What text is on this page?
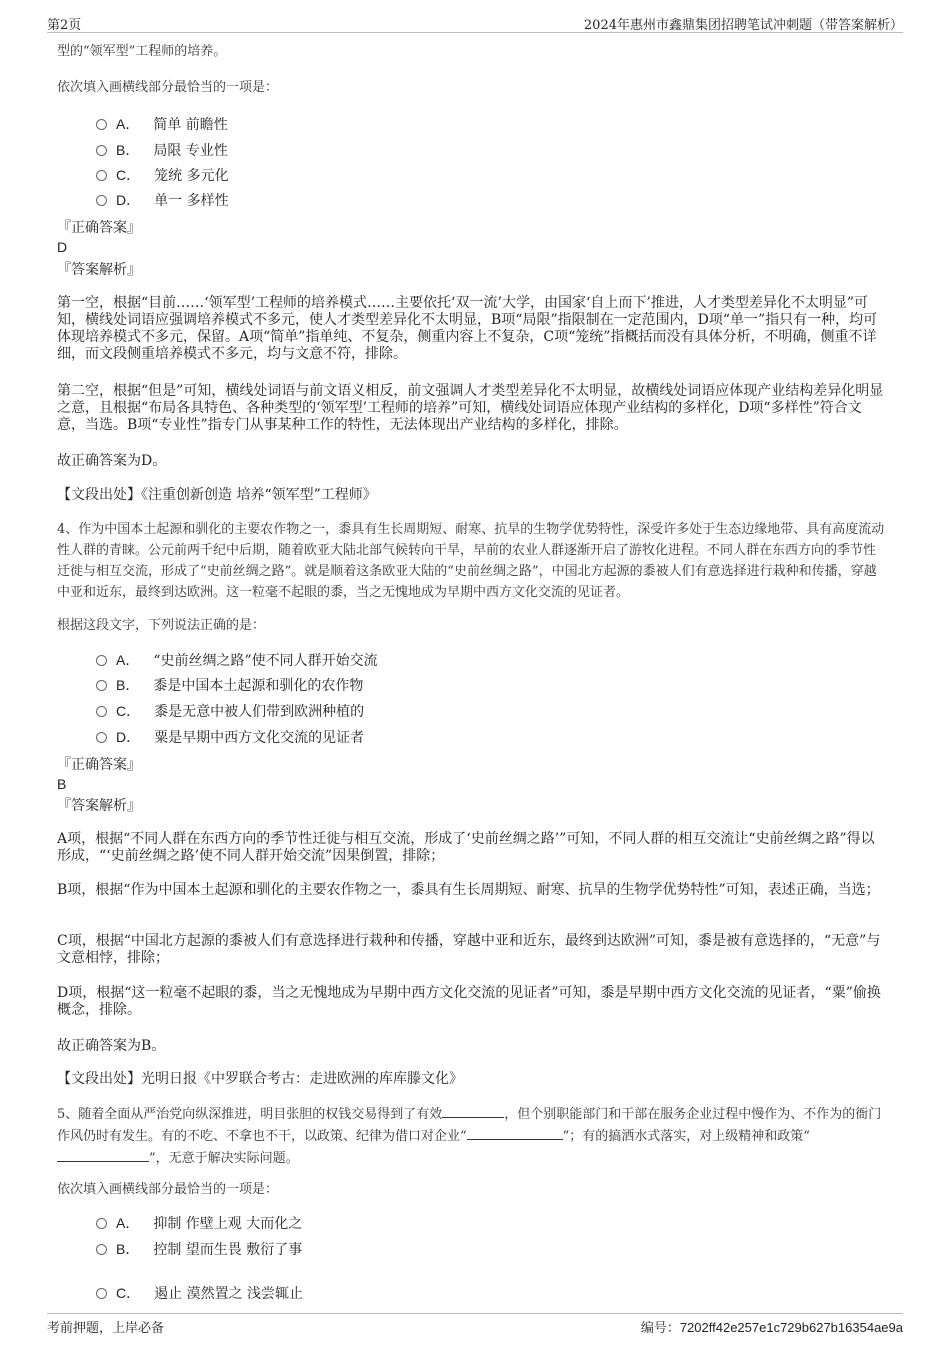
第2页	2024年惠州市鑫鼎集团招聘笔试冲刺题（带答案解析）
型的“领军型”工程师的培养。
依次填入画横线部分最恰当的一项是：
A． 简单 前瞻性
B． 局限 专业性
C． 笼统 多元化
D． 单一 多样性
『正确答案』
D
『答案解析』
第一空，根据“目前……‘领军型’工程师的培养模式……主要依托‘双一流’大学，由国家‘自上而下’推进，人才类型差异化不太明显”可知，横线处词语应强调培养模式不多元，使人才类型差异化不太明显，B项“局限”指限制在一定范围内，D项“单一”指只有一种，均可体现培养模式不多元，保留。A项“简单”指单纯、不复杂，侧重内容上不复杂，C项“笼统”指概括而没有具体分析，不明确，侧重不详细，而文段侧重培养模式不多元，均与文意不符，排除。
第二空，根据“但是”可知，横线处词语与前文语义相反，前文强调人才类型差异化不太明显，故横线处词语应体现产业结构差异化明显之意，且根据“布局各具特色、各种类型的‘领军型’工程师的培养”可知，横线处词语应体现产业结构的多样化，D项“多样性”符合文意，当选。B项“专业性”指专门从事某种工作的特性，无法体现出产业结构的多样化，排除。
故正确答案为D。
【文段出处】《注重创新创造 培养“领军型”工程师》
4、作为中国本土起源和驯化的主要农作物之一，黍具有生长周期短、耐寒、抗旱的生物学优势特性，深受许多处于生态边缘地带、具有高度流动性人群的青睐。公元前两千纪中后期，随着欧亚大陆北部气候转向干旱，早前的农业人群逐渐开启了游牧化进程。不同人群在东西方向的季节性迁徙与相互交流，形成了“史前丝绸之路”。就是顺着这条欧亚大陆的“史前丝绸之路”，中国北方起源的黍被人们有意选择进行栽种和传播，穿越中亚和近东，最终到达欧洲。这一粒毫不起眼的黍，当之无愧地成为早期中西方文化交流的见证者。
根据这段文字，下列说法正确的是：
A． “史前丝绸之路”使不同人群开始交流
B． 黍是中国本土起源和驯化的农作物
C． 黍是无意中被人们带到欧洲种植的
D． 粟是早期中西方文化交流的见证者
『正确答案』
B
『答案解析』
A项，根据“不同人群在东西方向的季节性迁徙与相互交流，形成了‘史前丝绸之路’”可知，不同人群的相互交流让“史前丝绸之路”得以形成，“‘史前丝绸之路’使不同人群开始交流”因果倒置，排除；
B项，根据“作为中国本土起源和驯化的主要农作物之一，黍具有生长周期短、耐寒、抗旱的生物学优势特性”可知，表述正确，当选；
C项，根据“中国北方起源的黍被人们有意选择进行栽种和传播，穿越中亚和近东，最终到达欧洲”可知，黍是被有意选择的，“无意”与文意相悖，排除；
D项，根据“这一粒毫不起眼的黍，当之无愧地成为早期中西方文化交流的见证者”可知，黍是早期中西方文化交流的见证者，“粟”偷换概念，排除。
故正确答案为B。
【文段出处】光明日报《中罗联合考古：走进欧洲的库库滕文化》
5、随着全面从严治党向纵深推进，明目张胆的权钱交易得到了有效	，但个别职能部门和干部在服务企业过程中慢作为、不作为的衙门作风仍时有发生。有的不吃、不拿也不干，以政策、纪律为借口对企业“	”；有的搞洒水式落实，对上级精神和政策“”，无意于解决实际问题。
依次填入画横线部分最恰当的一项是：
A． 抑制 作壁上观 大而化之
B． 控制 望而生畏 敷衍了事
C． 遏止 漠然置之 浅尝辄止
考前押题，上岸必备	编号：7202ff42e257e1c729b627b16354ae9a
